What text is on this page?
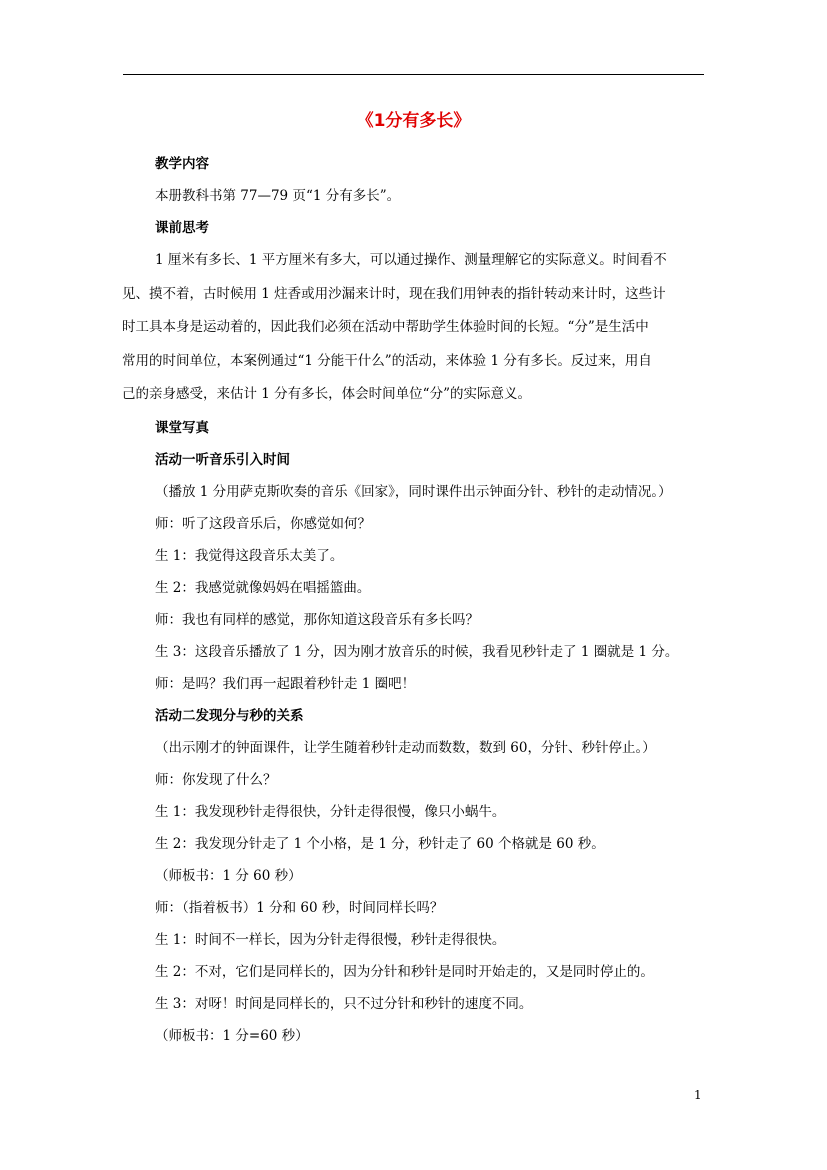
《1分有多长》
教学内容
本册教科书第 77—79 页“1 分有多长”。
课前思考
1 厘米有多长、1 平方厘米有多大，可以通过操作、测量理解它的实际意义。时间看不
见、摸不着，古时候用 1 炷香或用沙漏来计时，现在我们用钟表的指针转动来计时，这些计
时工具本身是运动着的，因此我们必须在活动中帮助学生体验时间的长短。“分”是生活中
常用的时间单位，本案例通过“1 分能干什么”的活动，来体验 1 分有多长。反过来，用自
己的亲身感受，来估计 1 分有多长，体会时间单位“分”的实际意义。
课堂写真
活动一听音乐引入时间
（播放 1 分用萨克斯吹奏的音乐《回家》，同时课件出示钟面分针、秒针的走动情况。）
师：听了这段音乐后，你感觉如何？
生 1：我觉得这段音乐太美了。
生 2：我感觉就像妈妈在唱摇篮曲。
师：我也有同样的感觉，那你知道这段音乐有多长吗？
生 3：这段音乐播放了 1 分，因为刚才放音乐的时候，我看见秒针走了 1 圈就是 1 分。
师：是吗？我们再一起跟着秒针走 1 圈吧！
活动二发现分与秒的关系
（出示刚才的钟面课件，让学生随着秒针走动而数数，数到 60，分针、秒针停止。）
师：你发现了什么？
生 1：我发现秒针走得很快，分针走得很慢，像只小蜗牛。
生 2：我发现分针走了 1 个小格，是 1 分，秒针走了 60 个格就是 60 秒。
（师板书：1 分 60 秒）
师：（指着板书）1 分和 60 秒，时间同样长吗？
生 1：时间不一样长，因为分针走得很慢，秒针走得很快。
生 2：不对，它们是同样长的，因为分针和秒针是同时开始走的，又是同时停止的。
生 3：对呀！时间是同样长的，只不过分针和秒针的速度不同。
（师板书：1 分=60 秒）
1
